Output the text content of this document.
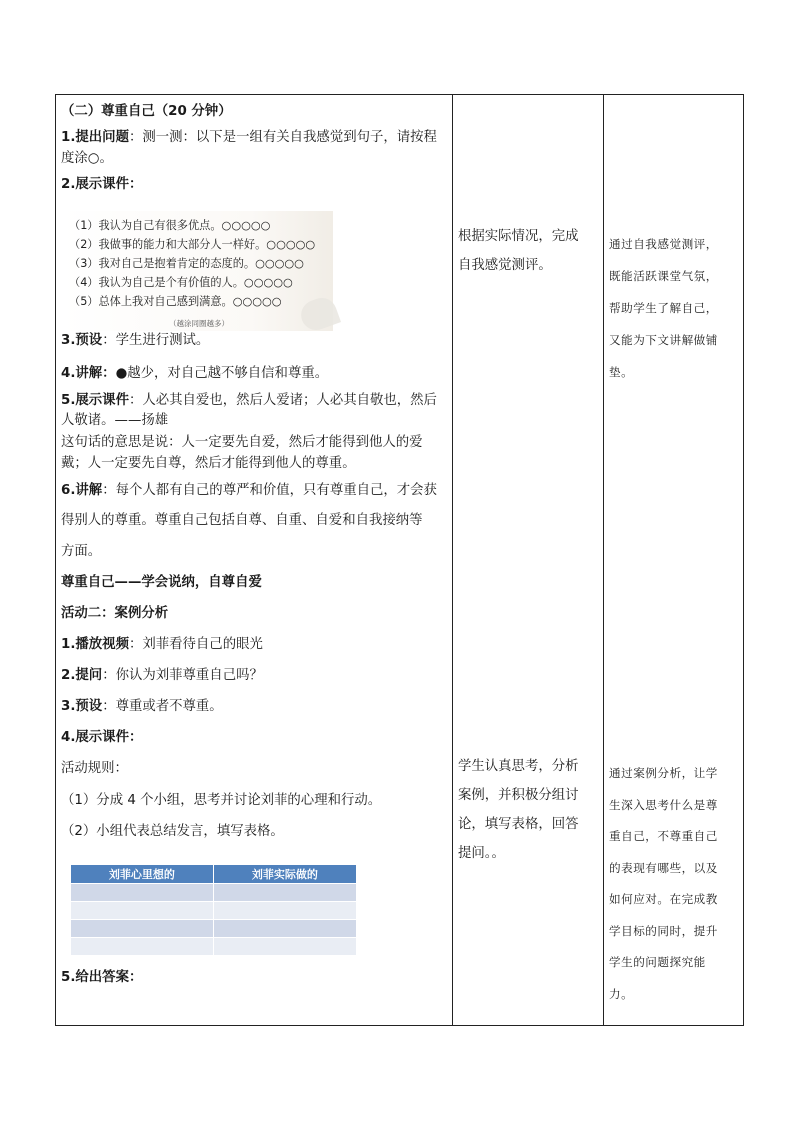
（二）尊重自己（20 分钟）
1.提出问题：测一测：以下是一组有关自我感觉到句子，请按程
度涂○。
2.展示课件：
（1）我认为自己有很多优点。○○○○○
（2）我做事的能力和大部分人一样好。○○○○○
（3）我对自己是抱着肯定的态度的。○○○○○
（4）我认为自己是个有价值的人。○○○○○
（5）总体上我对自己感到满意。○○○○○
（越涂同圈越多）
3.预设：学生进行测试。
4.讲解：●越少，对自己越不够自信和尊重。
5.展示课件：人必其自爱也，然后人爱诸；人必其自敬也，然后
人敬诸。——扬雄
这句话的意思是说：人一定要先自爱，然后才能得到他人的爱
戴；人一定要先自尊，然后才能得到他人的尊重。
6.讲解：每个人都有自己的尊严和价值，只有尊重自己，才会获
得别人的尊重。尊重自己包括自尊、自重、自爱和自我接纳等
方面。
尊重自己——学会说纳，自尊自爱
活动二：案例分析
1.播放视频：刘菲看待自己的眼光
2.提问：你认为刘菲尊重自己吗？
3.预设：尊重或者不尊重。
4.展示课件：
活动规则：
（1）分成 4 个小组，思考并讨论刘菲的心理和行动。
（2）小组代表总结发言，填写表格。
刘菲心里想的	刘菲实际做的

5.给出答案：
根据实际情况，完成
自我感觉测评。
学生认真思考，分析
案例，并积极分组讨
论，填写表格，回答
提问。。
通过自我感觉测评，
既能活跃课堂气氛，
帮助学生了解自己，
又能为下文讲解做铺
垫。
通过案例分析，让学
生深入思考什么是尊
重自己，不尊重自己
的表现有哪些，以及
如何应对。在完成教
学目标的同时，提升
学生的问题探究能
力。
